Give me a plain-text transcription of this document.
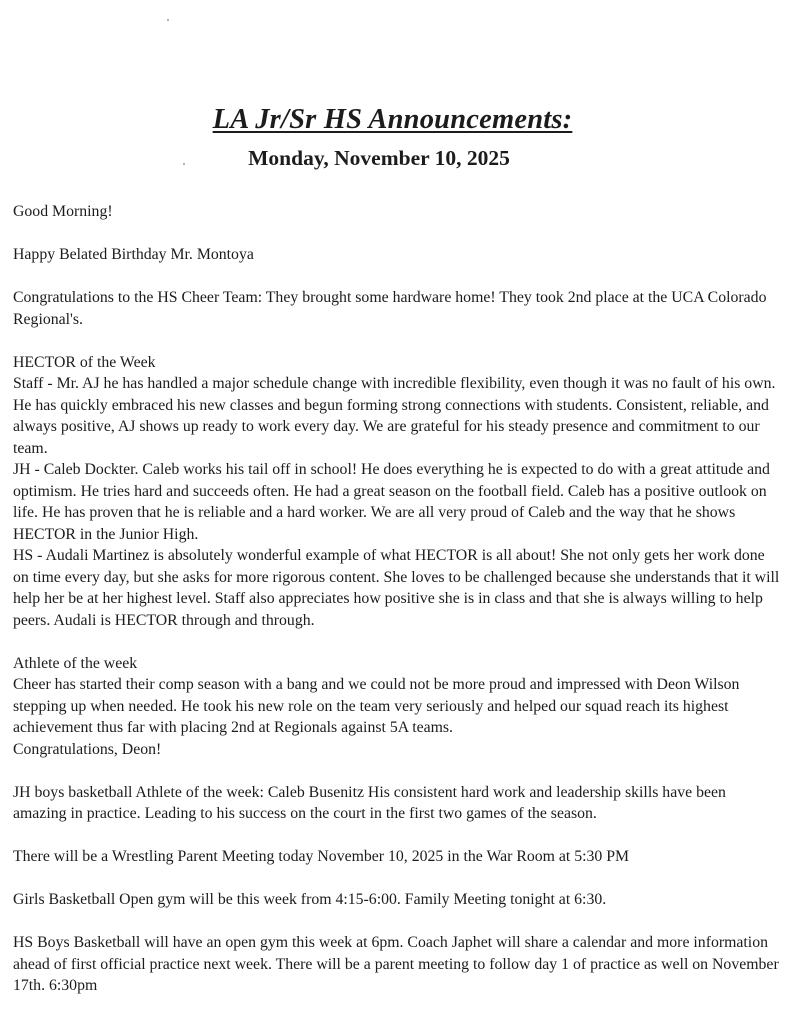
LA Jr/Sr HS Announcements:
Monday, November 10, 2025
Good Morning!
Happy Belated Birthday Mr. Montoya
Congratulations to the HS Cheer Team: They brought some hardware home! They took 2nd place at the UCA Colorado
Regional's.
HECTOR of the Week
Staff - Mr. AJ he has handled a major schedule change with incredible flexibility, even though it was no fault of his own.
He has quickly embraced his new classes and begun forming strong connections with students. Consistent, reliable, and
always positive, AJ shows up ready to work every day. We are grateful for his steady presence and commitment to our
team.
JH - Caleb Dockter. Caleb works his tail off in school! He does everything he is expected to do with a great attitude and
optimism. He tries hard and succeeds often. He had a great season on the football field. Caleb has a positive outlook on
life. He has proven that he is reliable and a hard worker. We are all very proud of Caleb and the way that he shows
HECTOR in the Junior High.
HS - Audali Martinez is absolutely wonderful example of what HECTOR is all about! She not only gets her work done
on time every day, but she asks for more rigorous content. She loves to be challenged because she understands that it will
help her be at her highest level. Staff also appreciates how positive she is in class and that she is always willing to help
peers. Audali is HECTOR through and through.
Athlete of the week
Cheer has started their comp season with a bang and we could not be more proud and impressed with Deon Wilson
stepping up when needed. He took his new role on the team very seriously and helped our squad reach its highest
achievement thus far with placing 2nd at Regionals against 5A teams.
Congratulations, Deon!
JH boys basketball Athlete of the week: Caleb Busenitz His consistent hard work and leadership skills have been
amazing in practice. Leading to his success on the court in the first two games of the season.
There will be a Wrestling Parent Meeting today November 10, 2025 in the War Room at 5:30 PM
Girls Basketball Open gym will be this week from 4:15-6:00. Family Meeting tonight at 6:30.
HS Boys Basketball will have an open gym this week at 6pm. Coach Japhet will share a calendar and more information
ahead of first official practice next week. There will be a parent meeting to follow day 1 of practice as well on November
17th. 6:30pm
